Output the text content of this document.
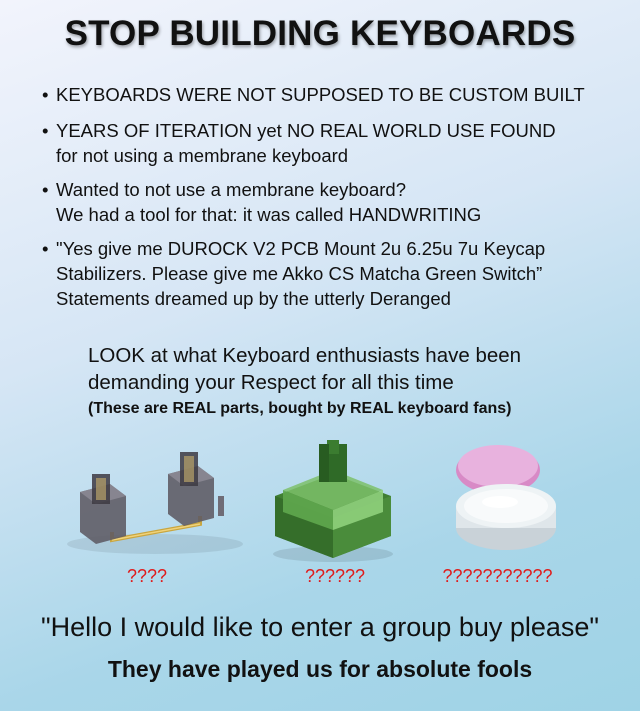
STOP BUILDING KEYBOARDS
• KEYBOARDS WERE NOT SUPPOSED TO BE CUSTOM BUILT
• YEARS OF ITERATION yet NO REAL WORLD USE FOUND
for not using a membrane keyboard
• Wanted to not use a membrane keyboard?
We had a tool for that: it was called HANDWRITING
• "Yes give me DUROCK V2 PCB Mount 2u 6.25u 7u Keycap
Stabilizers. Please give me Akko CS Matcha Green Switch”
Statements dreamed up by the utterly Deranged
LOOK at what Keyboard enthusiasts have been
demanding your Respect for all this time
(These are REAL parts, bought by REAL keyboard fans)
????	??????	???????????
"Hello I would like to enter a group buy please"
They have played us for absolute fools
